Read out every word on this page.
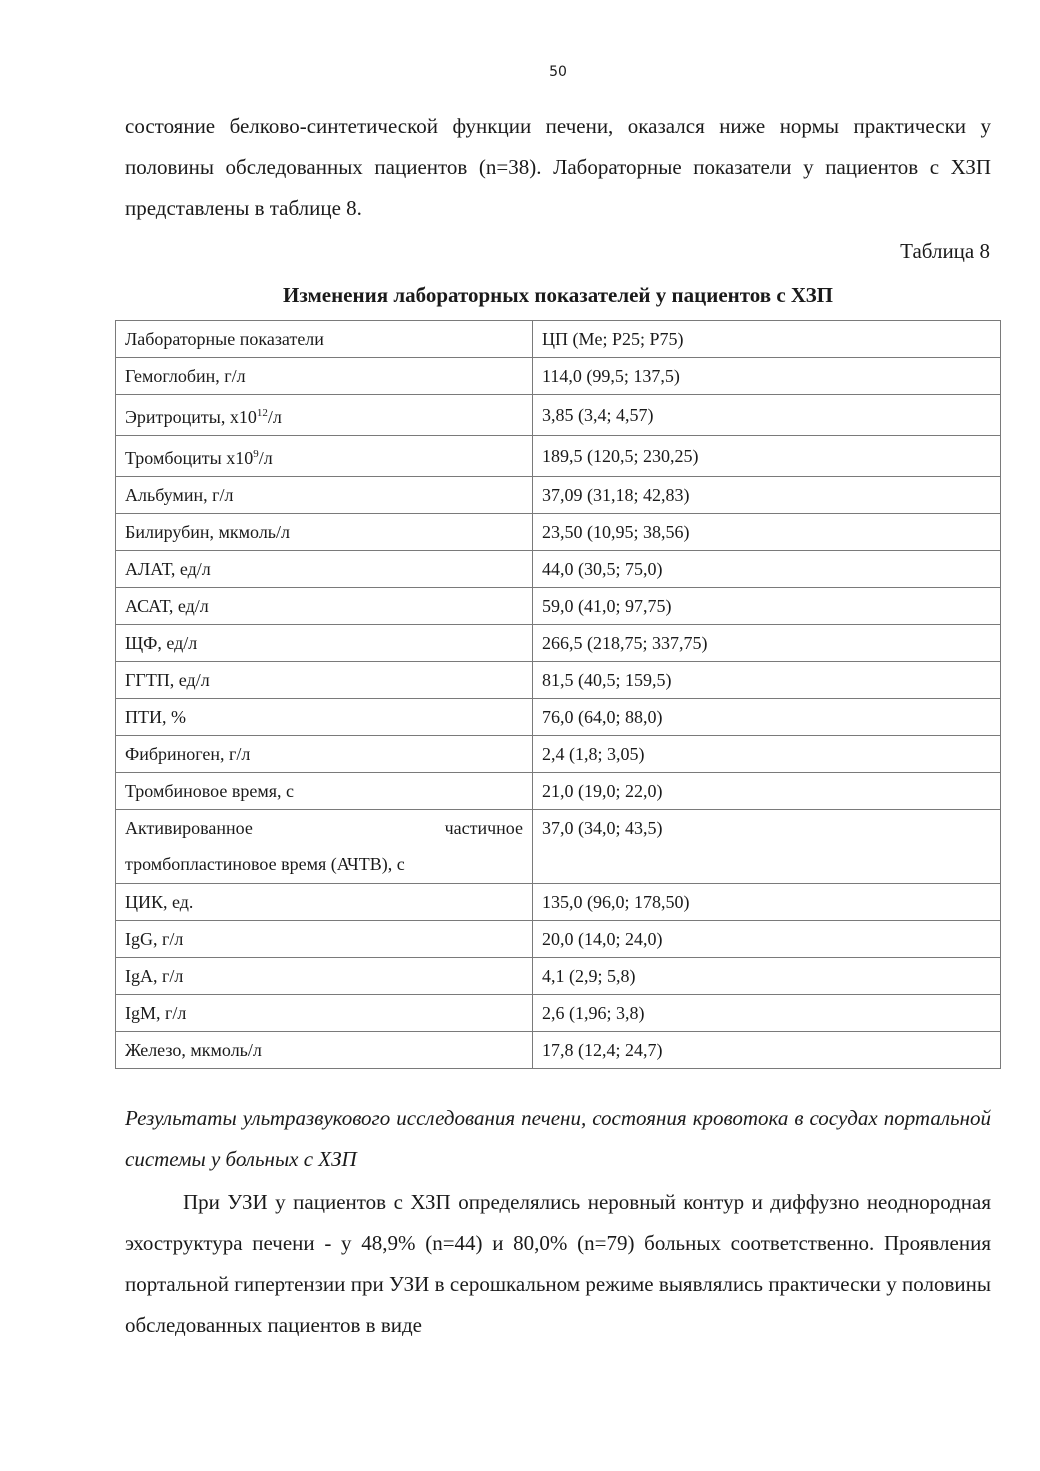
50

состояние белково-синтетической функции печени, оказался ниже нормы практически у половины обследованных пациентов (n=38). Лабораторные показатели у пациентов с ХЗП представлены в таблице 8.

Таблица 8
Изменения лабораторных показателей у пациентов с ХЗП
Лабораторные показатели	ЦП (Me; P25; P75)
Гемоглобин, г/л	114,0 (99,5; 137,5)
Эритроциты, $х10^{12}/л$	3,85 (3,4; 4,57)
Тромбоциты $х10^9/л$	189,5 (120,5; 230,25)
Альбумин, г/л	37,09 (31,18; 42,83)
Билирубин, мкмоль/л	23,50 (10,95; 38,56)
АЛАТ, ед/л	44,0 (30,5; 75,0)
АСАТ, ед/л	59,0 (41,0; 97,75)
ЩФ, ед/л	266,5 (218,75; 337,75)
ГГТП, ед/л	81,5 (40,5; 159,5)
ПТИ, %	76,0 (64,0; 88,0)
Фибриноген, г/л	2,4 (1,8; 3,05)
Тромбиновое время, с	21,0 (19,0; 22,0)

Активированное частичное
тромбопластиновое время (АЧТВ), с	37,0 (34,0; 43,5)
ЦИК, ед.	135,0 (96,0; 178,50)
IgG, г/л	20,0 (14,0; 24,0)
IgA, г/л	4,1 (2,9; 5,8)
IgM, г/л	2,6 (1,96; 3,8)
Железо, мкмоль/л	17,8 (12,4; 24,7)
Результаты ультразвукового исследования печени, состояния кровотока в сосудах портальной системы у больных с ХЗП

При УЗИ у пациентов с ХЗП определялись неровный контур и диффузно неоднородная эхоструктура печени - у 48,9% (n=44) и 80,0% (n=79) больных соответственно. Проявления портальной гипертензии при УЗИ в серошкальном режиме выявлялись практически у половины обследованных пациентов в виде
